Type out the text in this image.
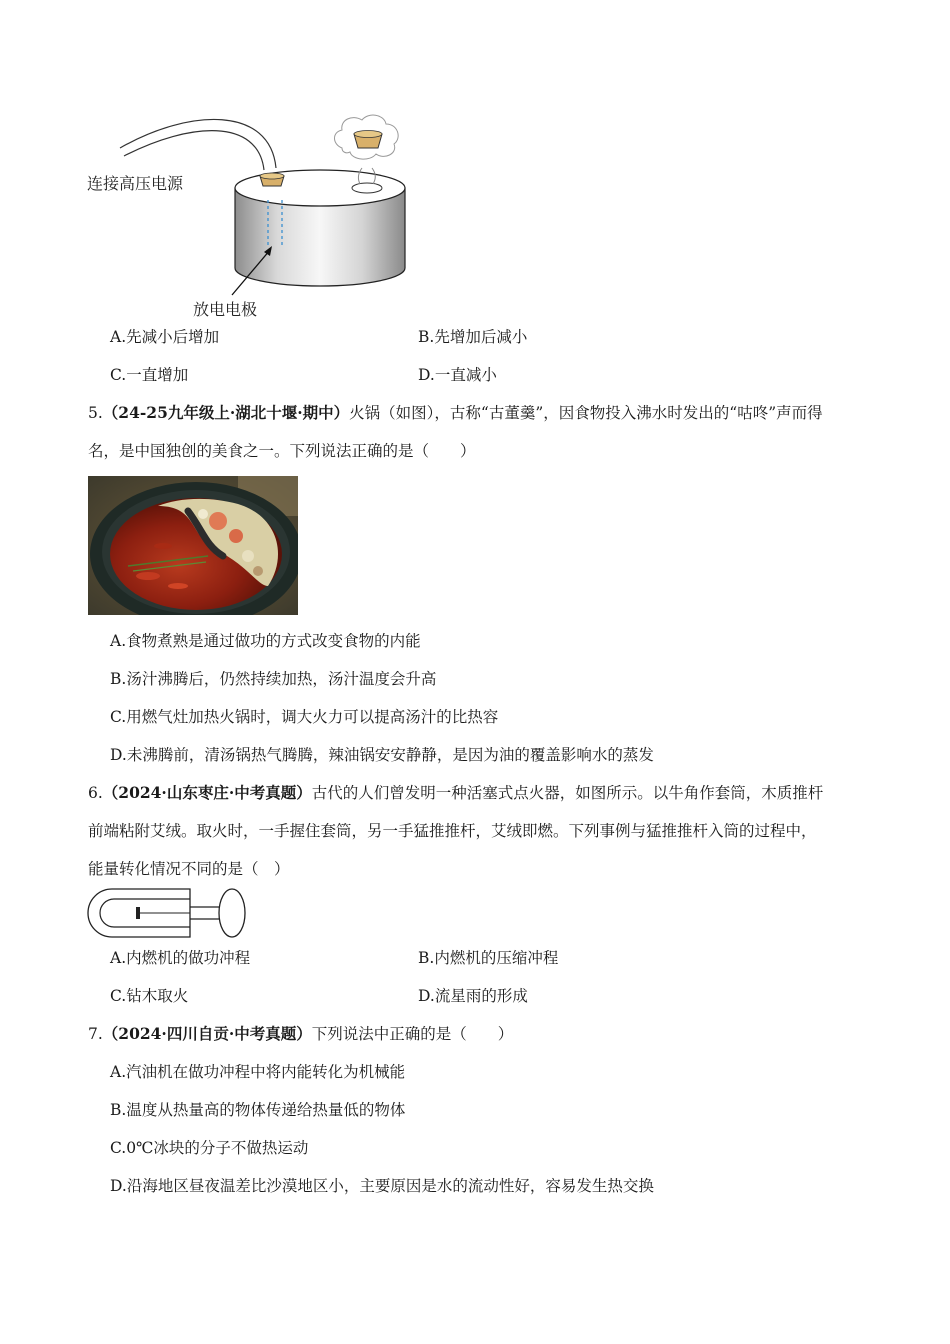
连接高压电源
放电电极
A.先减小后增加	B.先增加后减小
C.一直增加	D.一直减小
5.（24-25九年级上·湖北十堰·期中）火锅（如图），古称“古董羹”，因食物投入沸水时发出的“咕咚”声而得
名，是中国独创的美食之一。下列说法正确的是（　　）
A.食物煮熟是通过做功的方式改变食物的内能
B.汤汁沸腾后，仍然持续加热，汤汁温度会升高
C.用燃气灶加热火锅时，调大火力可以提高汤汁的比热容
D.未沸腾前，清汤锅热气腾腾，辣油锅安安静静，是因为油的覆盖影响水的蒸发
6.（2024·山东枣庄·中考真题）古代的人们曾发明一种活塞式点火器，如图所示。以牛角作套筒，木质推杆
前端粘附艾绒。取火时，一手握住套筒，另一手猛推推杆，艾绒即燃。下列事例与猛推推杆入筒的过程中，
能量转化情况不同的是（　）
A.内燃机的做功冲程	B.内燃机的压缩冲程
C.钻木取火	D.流星雨的形成
7.（2024·四川自贡·中考真题）下列说法中正确的是（　　）
A.汽油机在做功冲程中将内能转化为机械能
B.温度从热量高的物体传递给热量低的物体
C.0℃冰块的分子不做热运动
D.沿海地区昼夜温差比沙漠地区小，主要原因是水的流动性好，容易发生热交换
